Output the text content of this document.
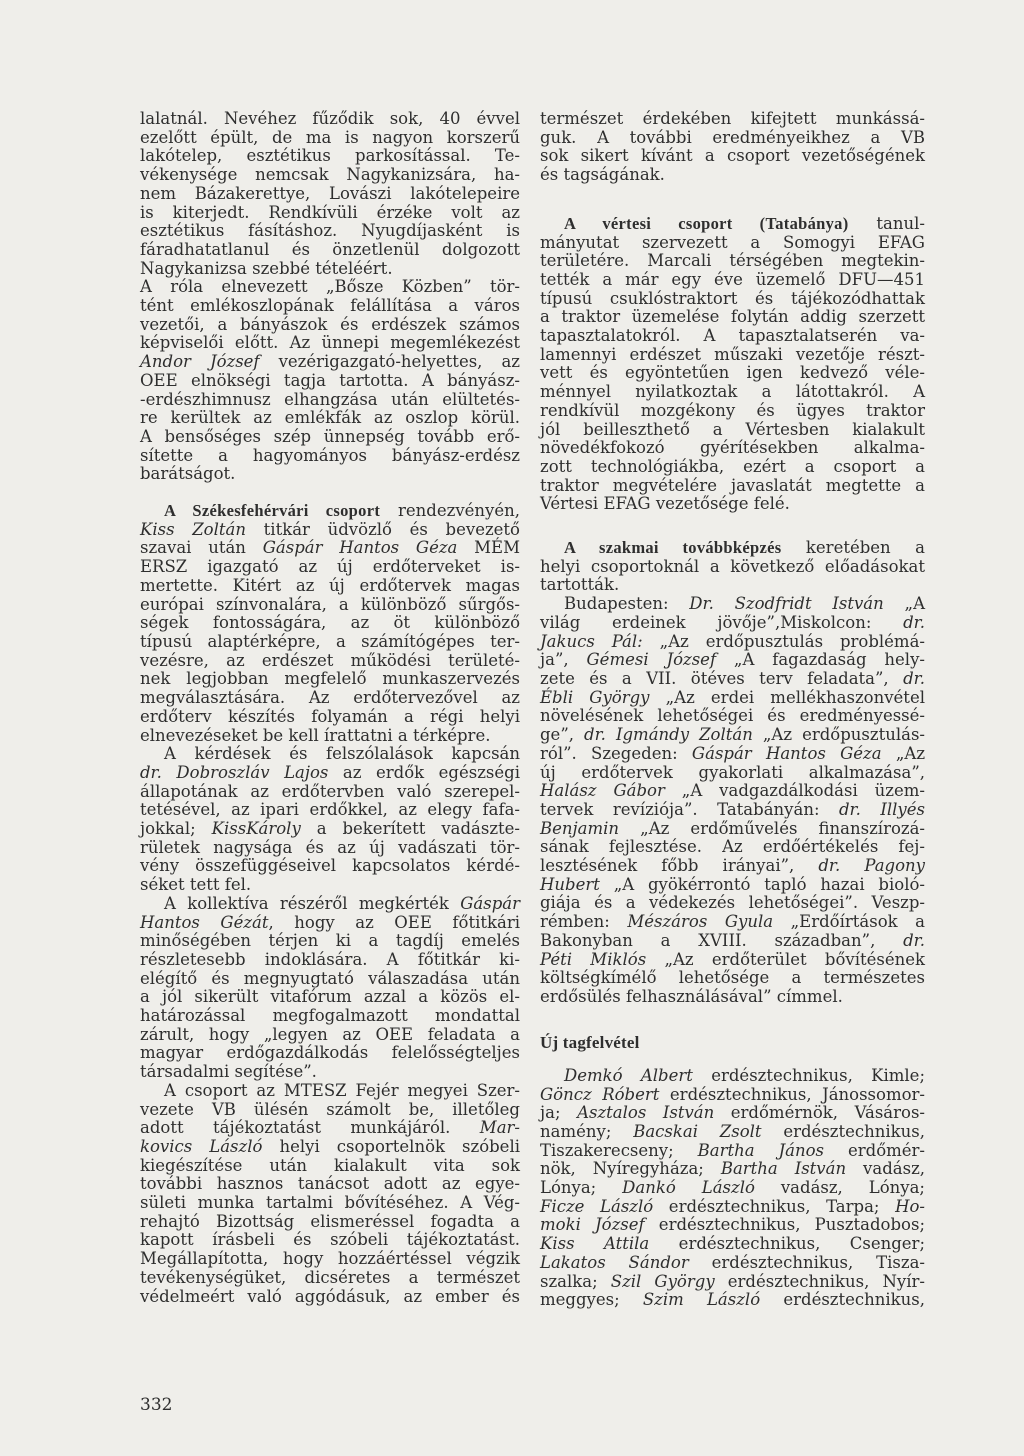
lalatnál. Nevéhez fűződik sok, 40 évvel
ezelőtt épült, de ma is nagyon korszerű
lakótelep, esztétikus parkosítással. Te-
vékenysége nemcsak Nagykanizsára, ha-
nem Bázakerettye, Lovászi lakótelepeire
is kiterjedt. Rendkívüli érzéke volt az
esztétikus fásításhoz. Nyugdíjasként is
fáradhatatlanul és önzetlenül dolgozott
Nagykanizsa szebbé tételéért.
A róla elnevezett „Bősze Közben” tör-
tént emlékoszlopának felállítása a város
vezetői, a bányászok és erdészek számos
képviselői előtt. Az ünnepi megemlékezést
Andor József vezérigazgató-helyettes, az
OEE elnökségi tagja tartotta. A bányász-
-erdészhimnusz elhangzása után elültetés-
re kerültek az emlékfák az oszlop körül.
A bensőséges szép ünnepség tovább erő-
sítette a hagyományos bányász-erdész
barátságot.
A Székesfehérvári csoport rendezvényén,
Kiss Zoltán titkár üdvözlő és bevezető
szavai után Gáspár Hantos Géza MÉM
ERSZ igazgató az új erdőterveket is-
mertette. Kitért az új erdőtervek magas
európai színvonalára, a különböző sűrgős-
ségek fontosságára, az öt különböző
típusú alaptérképre, a számítógépes ter-
vezésre, az erdészet működési területé-
nek legjobban megfelelő munkaszervezés
megválasztására. Az erdőtervezővel az
erdőterv készítés folyamán a régi helyi
elnevezéseket be kell írattatni a térképre.
A kérdések és felszólalások kapcsán
dr. Dobroszláv Lajos az erdők egészségi
állapotának az erdőtervben való szerepel-
tetésével, az ipari erdőkkel, az elegy fafa-
jokkal; KissKároly a bekerített vadászte-
rületek nagysága és az új vadászati tör-
vény összefüggéseivel kapcsolatos kérdé-
séket tett fel.
A kollektíva részéről megkérték Gáspár
Hantos Gézát, hogy az OEE főtitkári
minőségében térjen ki a tagdíj emelés
részletesebb indoklására. A főtitkár ki-
elégítő és megnyugtató válaszadása után
a jól sikerült vitafórum azzal a közös el-
határozással megfogalmazott mondattal
zárult, hogy „legyen az OEE feladata a
magyar erdőgazdálkodás felelősségteljes
társadalmi segítése”.
A csoport az MTESZ Fejér megyei Szer-
vezete VB ülésén számolt be, illetőleg
adott tájékoztatást munkájáról. Mar-
kovics László helyi csoportelnök szóbeli
kiegészítése után kialakult vita sok
további hasznos tanácsot adott az egye-
sületi munka tartalmi bővítéséhez. A Vég-
rehajtó Bizottság elismeréssel fogadta a
kapott írásbeli és szóbeli tájékoztatást.
Megállapította, hogy hozzáértéssel végzik
tevékenységüket, dicséretes a természet
védelmeért való aggódásuk, az ember és
természet érdekében kifejtett munkássá-
guk. A további eredményeikhez a VB
sok sikert kívánt a csoport vezetőségének
és tagságának.
A vértesi csoport (Tatabánya) tanul-
mányutat szervezett a Somogyi EFAG
területére. Marcali térségében megtekin-
tették a már egy éve üzemelő DFU—451
típusú csuklóstraktort és tájékozódhattak
a traktor üzemelése folytán addig szerzett
tapasztalatokról. A tapasztalatserén va-
lamennyi erdészet műszaki vezetője részt-
vett és egyöntetűen igen kedvező véle-
ménnyel nyilatkoztak a látottakról. A
rendkívül mozgékony és ügyes traktor
jól beilleszthető a Vértesben kialakult
növedékfokozó gyérítésekben alkalma-
zott technológiákba, ezért a csoport a
traktor megvételére javaslatát megtette a
Vértesi EFAG vezetősége felé.
A szakmai továbbképzés keretében a
helyi csoportoknál a következő előadásokat
tartották.
Budapesten: Dr. Szodfridt István „A
világ erdeinek jövője”,Miskolcon: dr.
Jakucs Pál: „Az erdőpusztulás problémá-
ja”, Gémesi József „A fagazdaság hely-
zete és a VII. ötéves terv feladata”, dr.
Ébli György „Az erdei mellékhaszonvétel
növelésének lehetőségei és eredményessé-
ge”, dr. Igmándy Zoltán „Az erdőpusztulás-
ról”. Szegeden: Gáspár Hantos Géza „Az
új erdőtervek gyakorlati alkalmazása”,
Halász Gábor „A vadgazdálkodási üzem-
tervek revíziója”. Tatabányán: dr. Illyés
Benjamin „Az erdőművelés finanszírozá-
sának fejlesztése. Az erdőértékelés fej-
lesztésének főbb irányai”, dr. Pagony
Hubert „A gyökérrontó tapló hazai bioló-
giája és a védekezés lehetőségei”. Veszp-
rémben: Mészáros Gyula „Erdőírtások a
Bakonyban a XVIII. században”, dr.
Péti Miklós „Az erdőterület bővítésének
költségkímélő lehetősége a természetes
erdősülés felhasználásával” címmel.
Új tagfelvétel
Demkó Albert erdésztechnikus, Kimle;
Göncz Róbert erdésztechnikus, Jánossomor-
ja; Asztalos István erdőmérnök, Vásáros-
namény; Bacskai Zsolt erdésztechnikus,
Tiszakerecseny; Bartha János erdőmér-
nök, Nyíregyháza; Bartha István vadász,
Lónya; Dankó László vadász, Lónya;
Ficze László erdésztechnikus, Tarpa; Ho-
moki József erdésztechnikus, Pusztadobos;
Kiss Attila erdésztechnikus, Csenger;
Lakatos Sándor erdésztechnikus, Tisza-
szalka; Szil György erdésztechnikus, Nyír-
meggyes; Szim László erdésztechnikus,
332
